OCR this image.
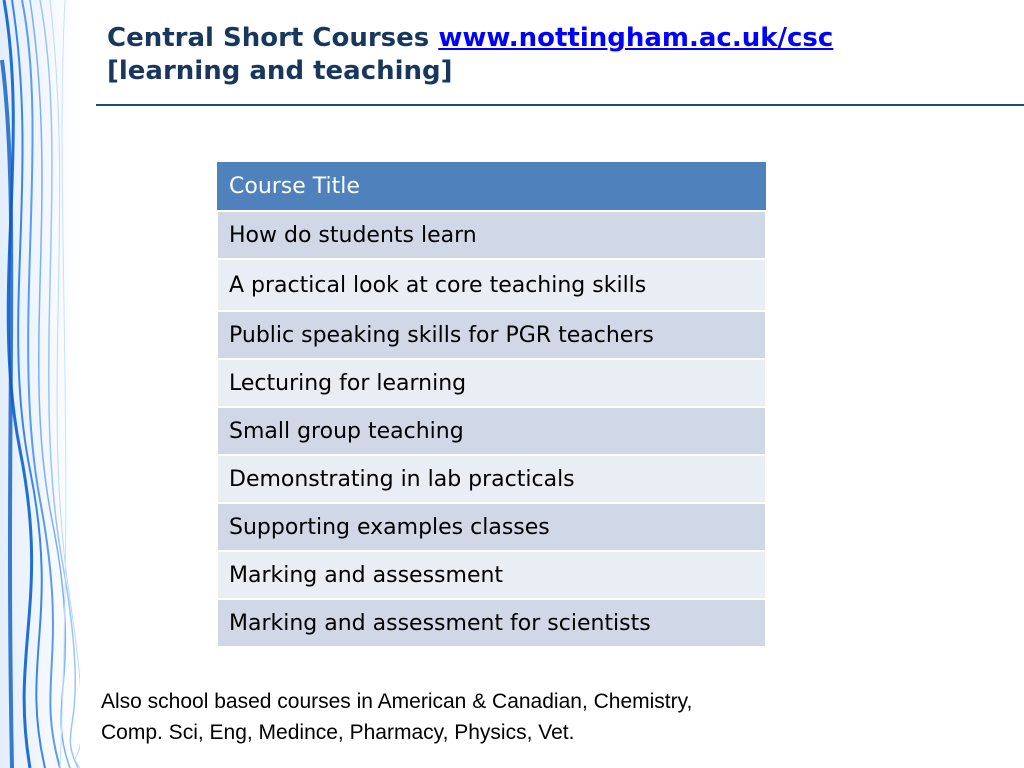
Central Short Courses www.nottingham.ac.uk/csc
[learning and teaching]
Course Title
How do students learn
A practical look at core teaching skills
Public speaking skills for PGR teachers
Lecturing for learning
Small group teaching
Demonstrating in lab practicals
Supporting examples classes
Marking and assessment
Marking and assessment for scientists
Also school based courses in American & Canadian, Chemistry,
Comp. Sci, Eng, Medince, Pharmacy, Physics, Vet.
